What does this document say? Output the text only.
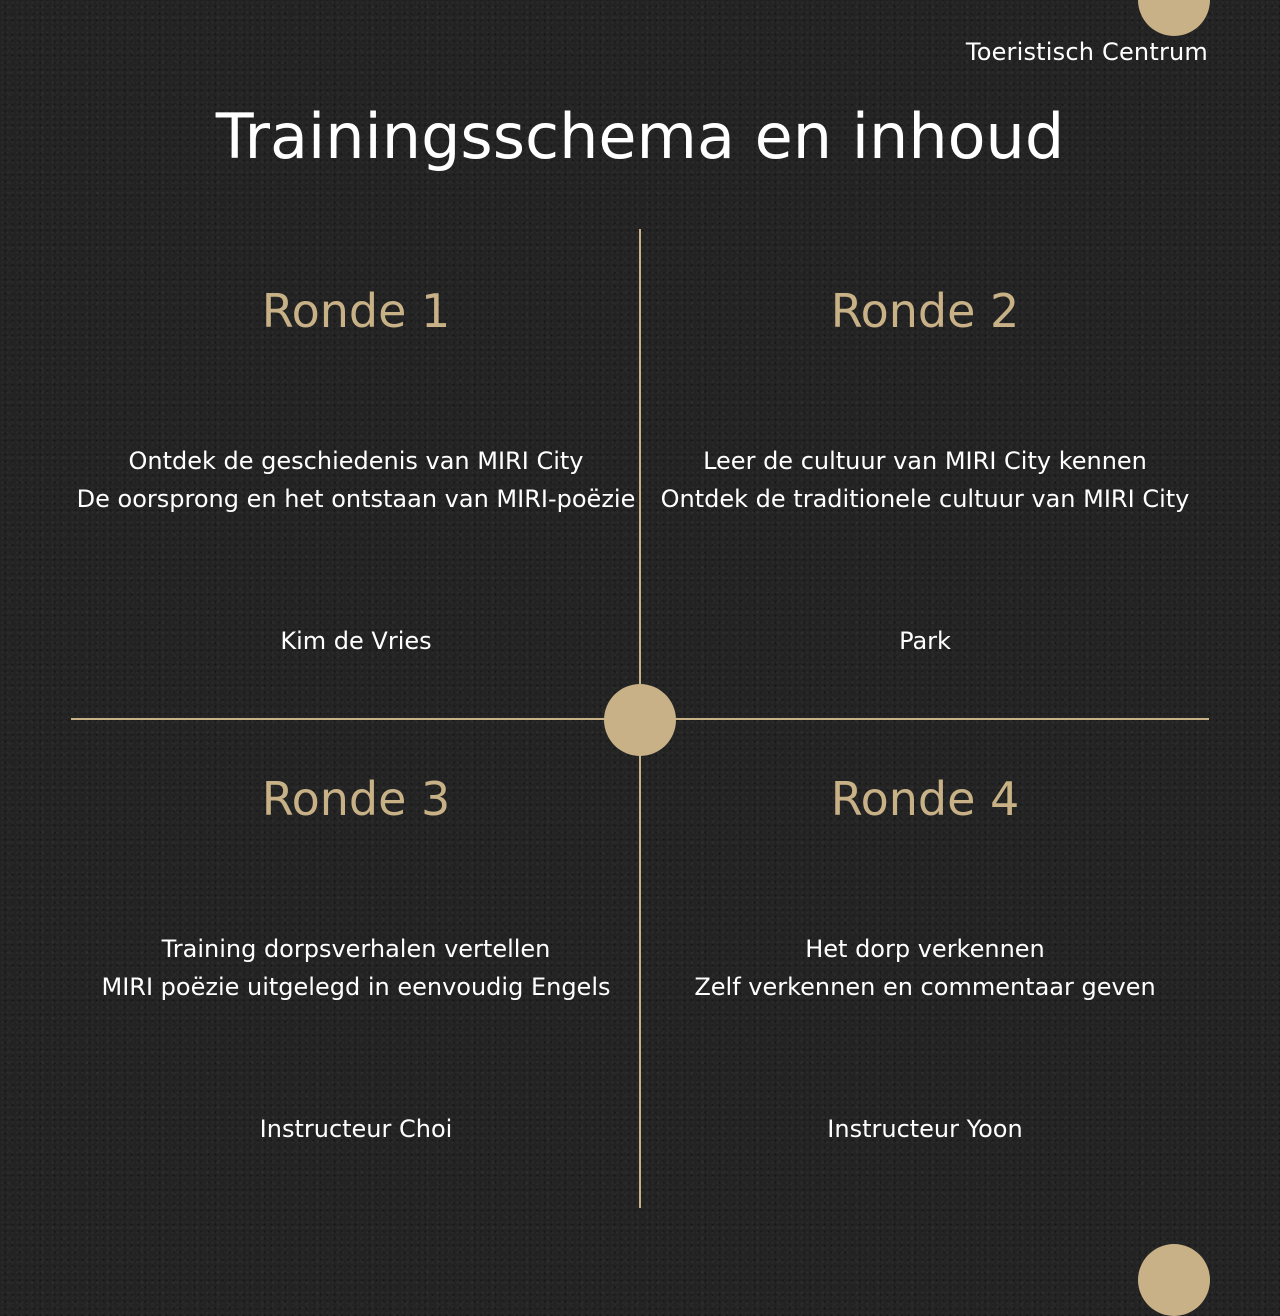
Toeristisch Centrum
Trainingsschema en inhoud
Ronde 1
Ontdek de geschiedenis van MIRI City
De oorsprong en het ontstaan van MIRI-poëzie
Kim de Vries
Ronde 2
Leer de cultuur van MIRI City kennen
Ontdek de traditionele cultuur van MIRI City
Park
Ronde 3
Training dorpsverhalen vertellen
MIRI poëzie uitgelegd in eenvoudig Engels
Instructeur Choi
Ronde 4
Het dorp verkennen
Zelf verkennen en commentaar geven
Instructeur Yoon
